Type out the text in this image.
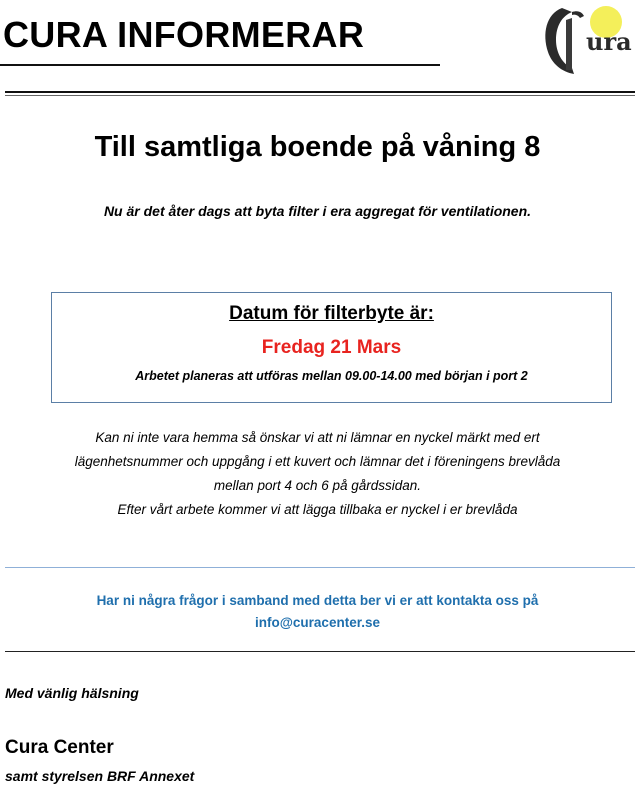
CURA INFORMERAR	ura
Till samtliga boende på våning 8
Nu är det åter dags att byta filter i era aggregat för ventilationen.
Datum för filterbyte är:
Fredag 21 Mars
Arbetet planeras att utföras mellan 09.00-14.00 med början i port 2
Kan ni inte vara hemma så önskar vi att ni lämnar en nyckel märkt med ert
lägenhetsnummer och uppgång i ett kuvert och lämnar det i föreningens brevlåda
mellan port 4 och 6 på gårdssidan.
Efter vårt arbete kommer vi att lägga tillbaka er nyckel i er brevlåda
Har ni några frågor i samband med detta ber vi er att kontakta oss på
info@curacenter.se
Med vänlig hälsning
Cura Center
samt styrelsen BRF Annexet
